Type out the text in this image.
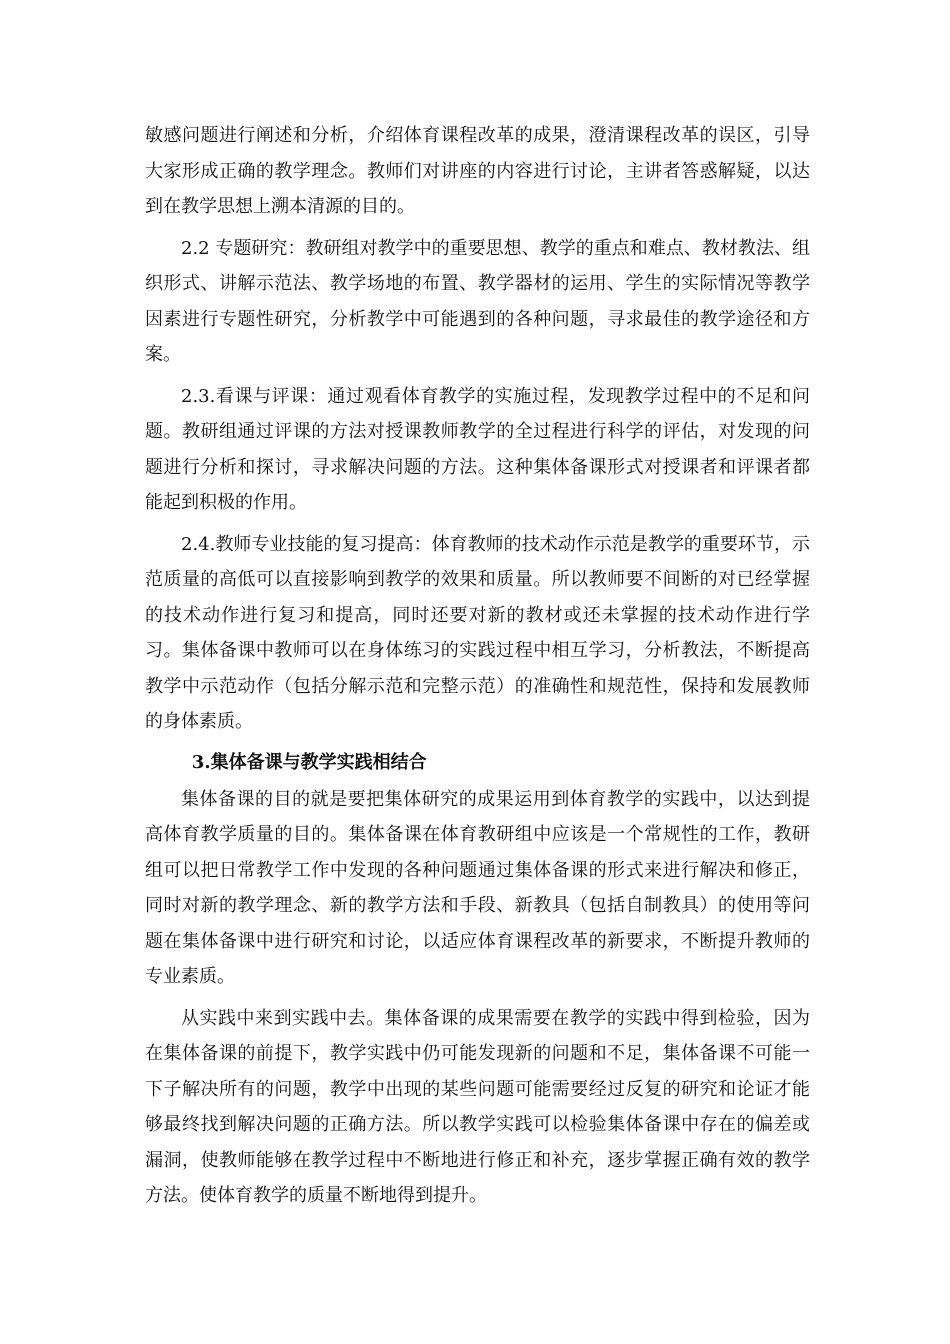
敏感问题进行阐述和分析，介绍体育课程改革的成果，澄清课程改革的误区，引导大家形成正确的教学理念。教师们对讲座的内容进行讨论，主讲者答惑解疑，以达到在教学思想上溯本清源的目的。

2.2 专题研究：教研组对教学中的重要思想、教学的重点和难点、教材教法、组织形式、讲解示范法、教学场地的布置、教学器材的运用、学生的实际情况等教学因素进行专题性研究，分析教学中可能遇到的各种问题，寻求最佳的教学途径和方案。

2.3.看课与评课：通过观看体育教学的实施过程，发现教学过程中的不足和问题。教研组通过评课的方法对授课教师教学的全过程进行科学的评估，对发现的问题进行分析和探讨，寻求解决问题的方法。这种集体备课形式对授课者和评课者都能起到积极的作用。

2.4.教师专业技能的复习提高：体育教师的技术动作示范是教学的重要环节，示范质量的高低可以直接影响到教学的效果和质量。所以教师要不间断的对已经掌握的技术动作进行复习和提高，同时还要对新的教材或还未掌握的技术动作进行学习。集体备课中教师可以在身体练习的实践过程中相互学习，分析教法，不断提高教学中示范动作（包括分解示范和完整示范）的准确性和规范性，保持和发展教师的身体素质。

3.集体备课与教学实践相结合

集体备课的目的就是要把集体研究的成果运用到体育教学的实践中，以达到提高体育教学质量的目的。集体备课在体育教研组中应该是一个常规性的工作，教研组可以把日常教学工作中发现的各种问题通过集体备课的形式来进行解决和修正，同时对新的教学理念、新的教学方法和手段、新教具（包括自制教具）的使用等问题在集体备课中进行研究和讨论，以适应体育课程改革的新要求，不断提升教师的专业素质。

从实践中来到实践中去。集体备课的成果需要在教学的实践中得到检验，因为在集体备课的前提下，教学实践中仍可能发现新的问题和不足，集体备课不可能一下子解决所有的问题，教学中出现的某些问题可能需要经过反复的研究和论证才能够最终找到解决问题的正确方法。所以教学实践可以检验集体备课中存在的偏差或漏洞，使教师能够在教学过程中不断地进行修正和补充，逐步掌握正确有效的教学方法。使体育教学的质量不断地得到提升。
